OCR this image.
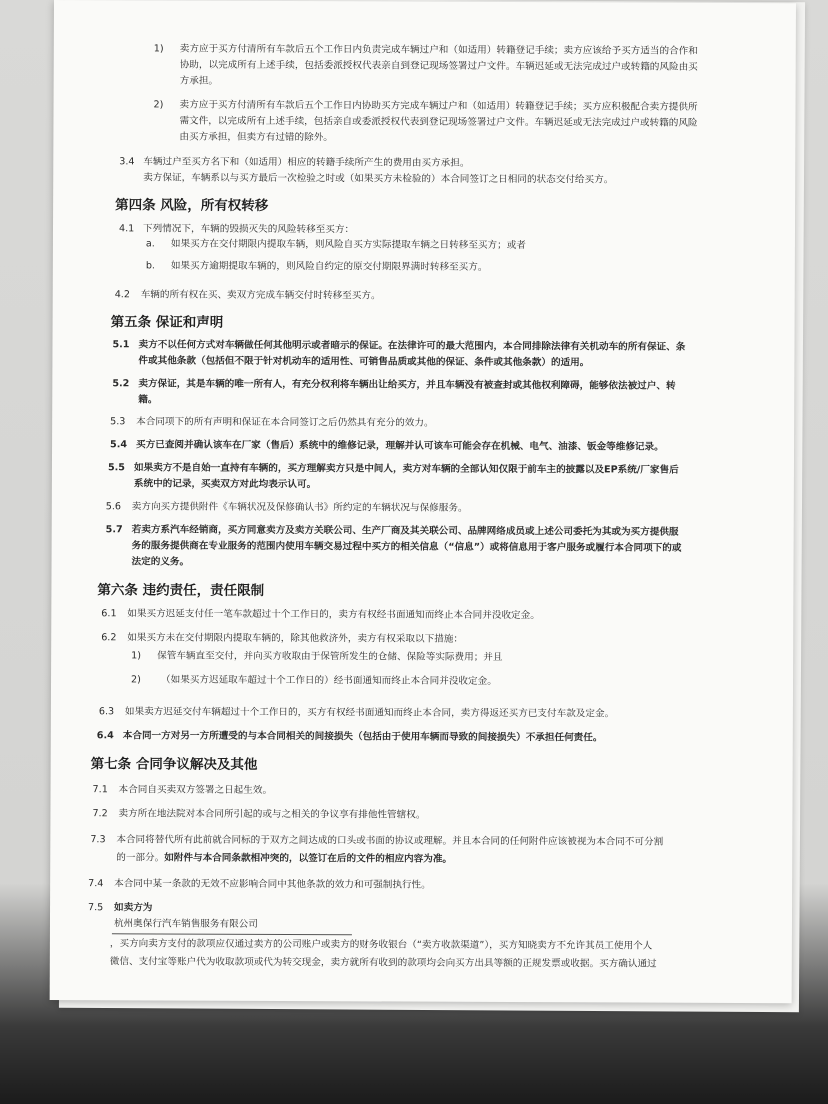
1) 卖方应于买方付清所有车款后五个工作日内负责完成车辆过户和（如适用）转籍登记手续；卖方应该给予买方适当的合作和
协助，以完成所有上述手续，包括委派授权代表亲自到登记现场签署过户文件。车辆迟延或无法完成过户或转籍的风险由买
方承担。
2) 卖方应于买方付清所有车款后五个工作日内协助买方完成车辆过户和（如适用）转籍登记手续；买方应积极配合卖方提供所
需文件，以完成所有上述手续，包括亲自或委派授权代表到登记现场签署过户文件。车辆迟延或无法完成过户或转籍的风险
由买方承担，但卖方有过错的除外。
3.4 车辆过户至买方名下和（如适用）相应的转籍手续所产生的费用由买方承担。
卖方保证，车辆系以与买方最后一次检验之时或（如果买方未检验的）本合同签订之日相同的状态交付给买方。
第四条 风险，所有权转移
4.1 下列情况下，车辆的毁损灭失的风险转移至买方：
a. 如果买方在交付期限内提取车辆，则风险自买方实际提取车辆之日转移至买方；或者
b. 如果买方逾期提取车辆的，则风险自约定的原交付期限界满时转移至买方。
4.2 车辆的所有权在买、卖双方完成车辆交付时转移至买方。
第五条 保证和声明
5.1 卖方不以任何方式对车辆做任何其他明示或者暗示的保证。在法律许可的最大范围内，本合同排除法律有关机动车的所有保证、条
件或其他条款（包括但不限于针对机动车的适用性、可销售品质或其他的保证、条件或其他条款）的适用。
5.2 卖方保证，其是车辆的唯一所有人，有充分权利将车辆出让给买方，并且车辆没有被查封或其他权利障碍，能够依法被过户、转
籍。
5.3 本合同项下的所有声明和保证在本合同签订之后仍然具有充分的效力。
5.4 买方已查阅并确认该车在厂家（售后）系统中的维修记录，理解并认可该车可能会存在机械、电气、油漆、钣金等维修记录。
5.5 如果卖方不是自始一直持有车辆的，买方理解卖方只是中间人，卖方对车辆的全部认知仅限于前车主的披露以及EP系统/厂家售后
系统中的记录，买卖双方对此均表示认可。
5.6 卖方向买方提供附件《车辆状况及保修确认书》所约定的车辆状况与保修服务。
5.7 若卖方系汽车经销商，买方同意卖方及卖方关联公司、生产厂商及其关联公司、品牌网络成员或上述公司委托为其或为买方提供服
务的服务提供商在专业服务的范围内使用车辆交易过程中买方的相关信息（“信息”）或将信息用于客户服务或履行本合同项下的或
法定的义务。
第六条 违约责任，责任限制
6.1 如果买方迟延支付任一笔车款超过十个工作日的，卖方有权经书面通知而终止本合同并没收定金。
6.2 如果买方未在交付期限内提取车辆的，除其他救济外，卖方有权采取以下措施：
1) 保管车辆直至交付，并向买方收取由于保管所发生的仓储、保险等实际费用；并且
2) （如果买方迟延取车超过十个工作日的）经书面通知而终止本合同并没收定金。
6.3 如果卖方迟延交付车辆超过十个工作日的，买方有权经书面通知而终止本合同，卖方得返还买方已支付车款及定金。
6.4 本合同一方对另一方所遭受的与本合同相关的间接损失（包括由于使用车辆而导致的间接损失）不承担任何责任。
第七条 合同争议解决及其他
7.1 本合同自买卖双方签署之日起生效。
7.2 卖方所在地法院对本合同所引起的或与之相关的争议享有排他性管辖权。
7.3 本合同将替代所有此前就合同标的于双方之间达成的口头或书面的协议或理解。并且本合同的任何附件应该被视为本合同不可分割
的一部分。如附件与本合同条款相冲突的，以签订在后的文件的相应内容为准。
7.4 本合同中某一条款的无效不应影响合同中其他条款的效力和可强制执行性。
7.5 如卖方为
杭州奥保行汽车销售服务有限公司
，买方向卖方支付的款项应仅通过卖方的公司账户或卖方的财务收银台（“卖方收款渠道”），买方知晓卖方不允许其员工使用个人
微信、支付宝等账户代为收取款项或代为转交现金，卖方就所有收到的款项均会向买方出具等额的正规发票或收据。买方确认通过
